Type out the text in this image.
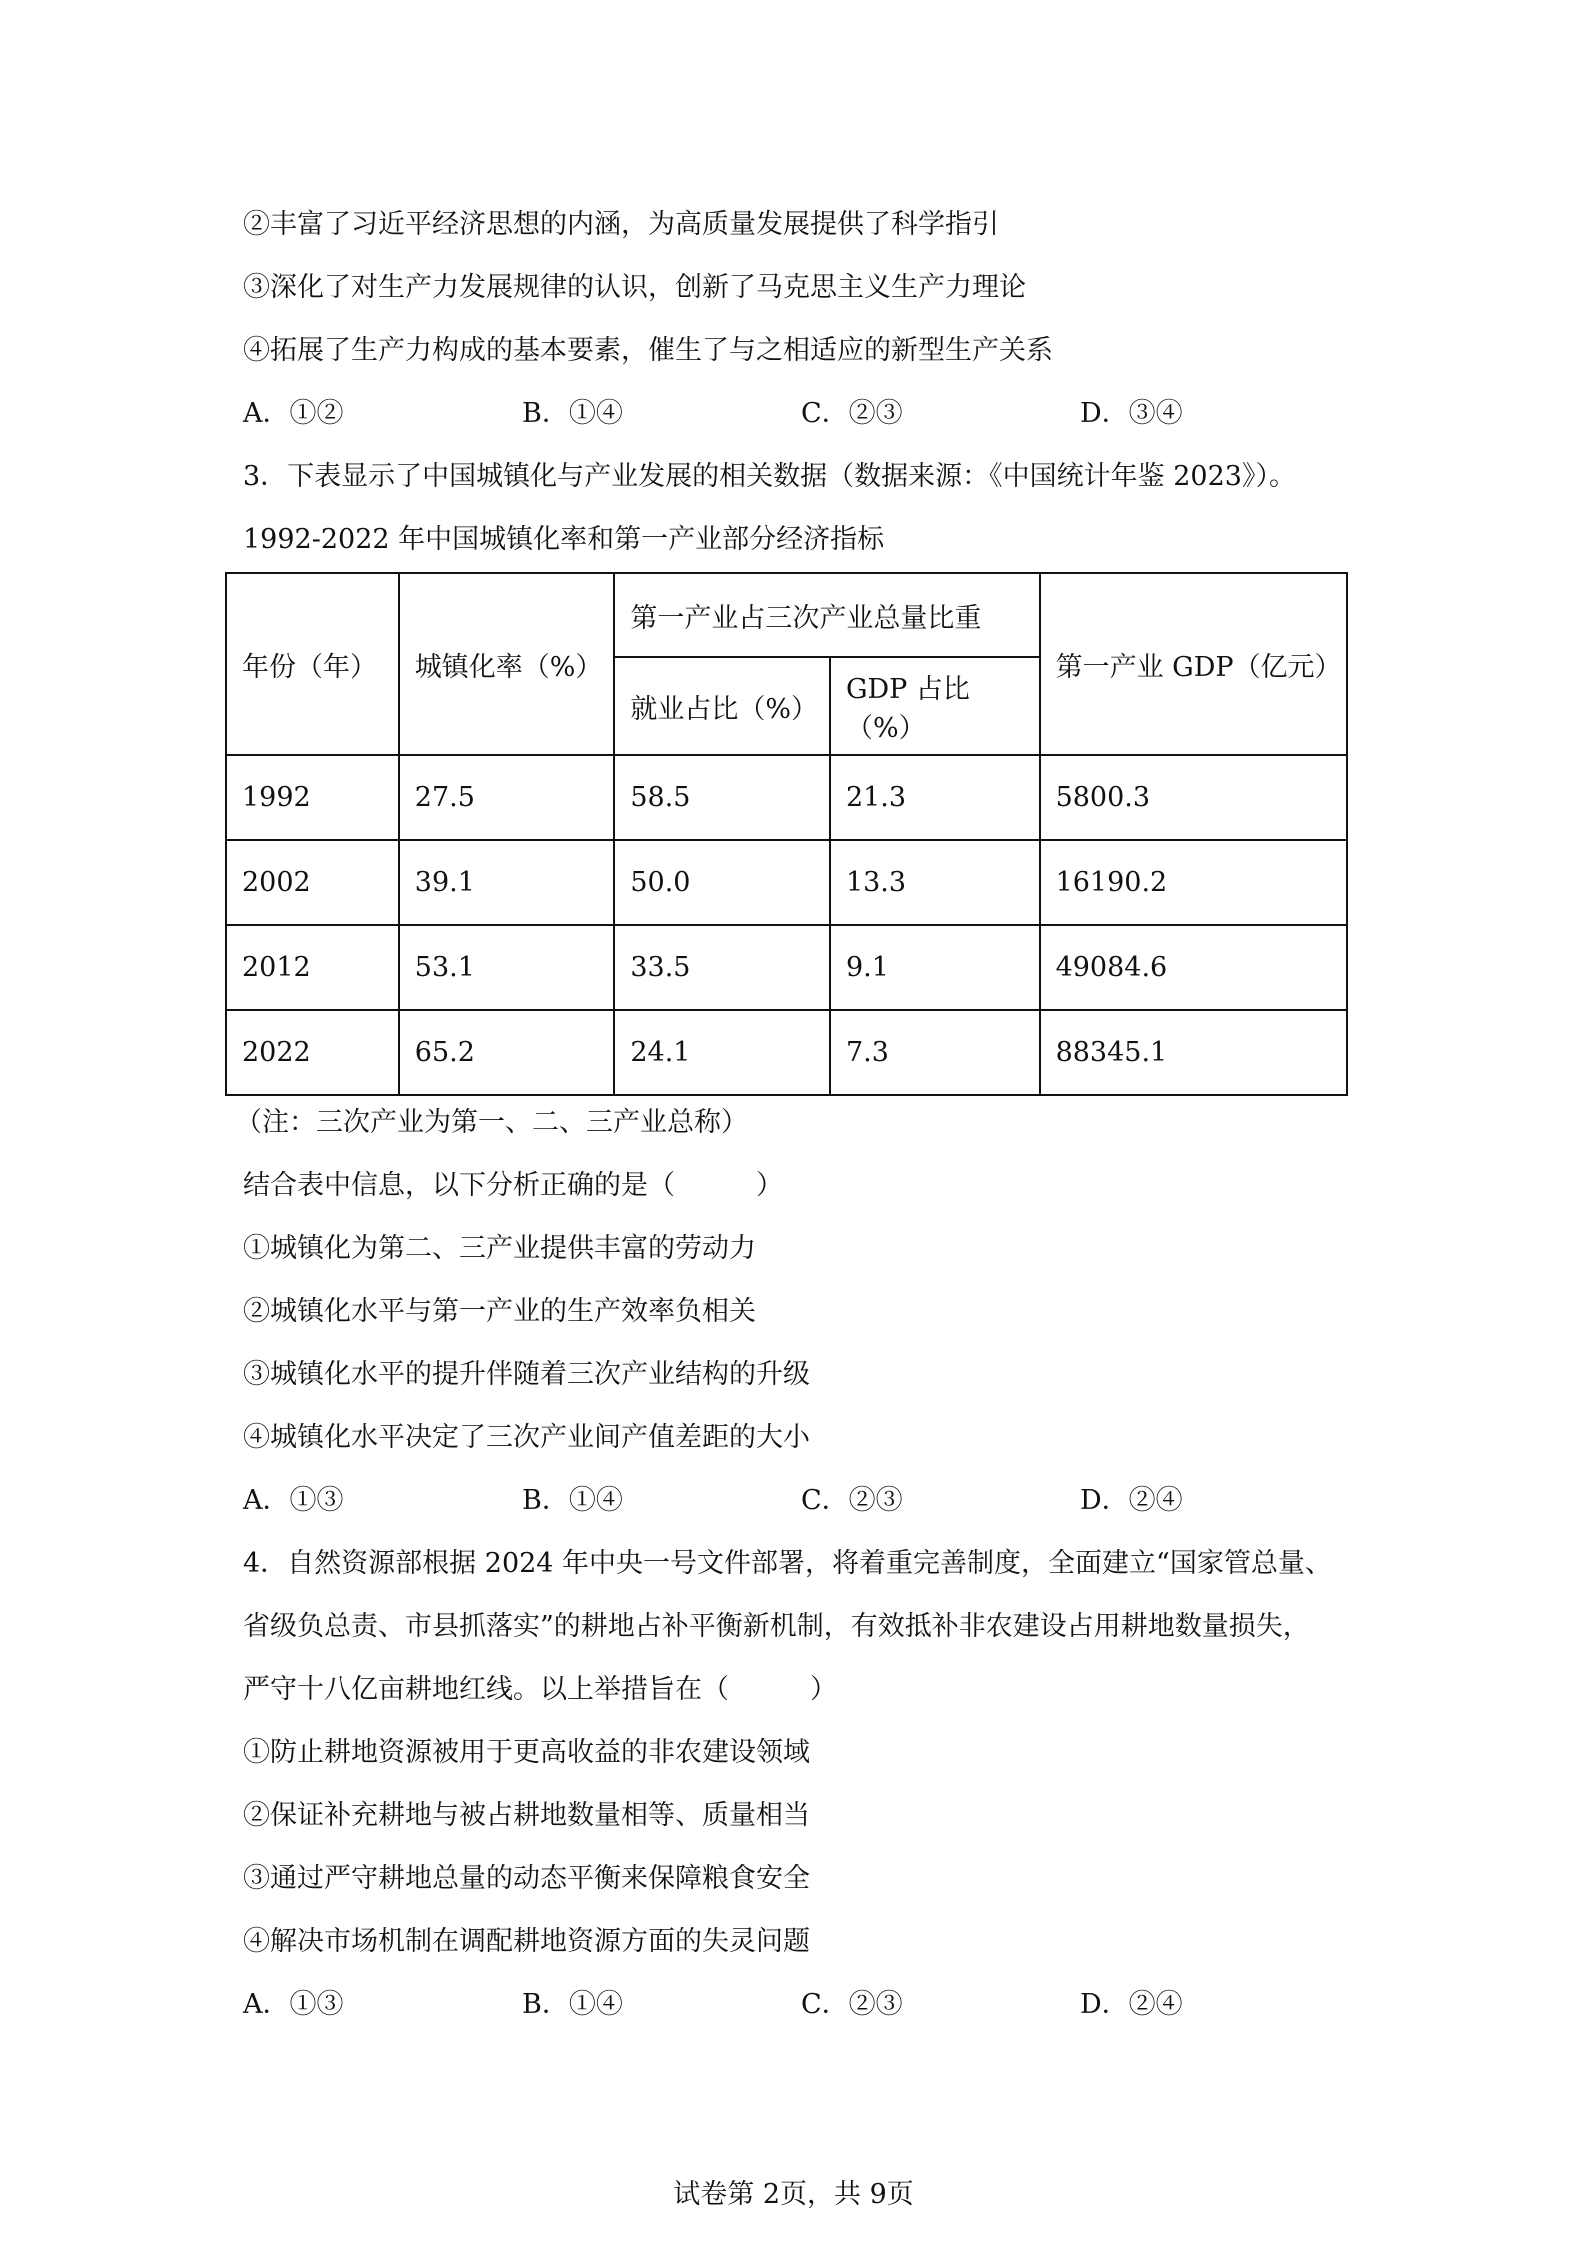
②丰富了习近平经济思想的内涵，为高质量发展提供了科学指引
③深化了对生产力发展规律的认识，创新了马克思主义生产力理论
④拓展了生产力构成的基本要素，催生了与之相适应的新型生产关系
A．①②	B．①④	C．②③	D．③④
3．下表显示了中国城镇化与产业发展的相关数据（数据来源：《中国统计年鉴 2023》）。
1992-2022 年中国城镇化率和第一产业部分经济指标
年份（年）	城镇化率（%）	第一产业占三次产业总量比重		第一产业 GDP（亿元）
		就业占比（%）	GDP 占比（%）	
1992	27.5	58.5	21.3	5800.3
2002	39.1	50.0	13.3	16190.2
2012	53.1	33.5	9.1	49084.6
2022	65.2	24.1	7.3	88345.1
（注：三次产业为第一、二、三产业总称）
结合表中信息，以下分析正确的是（　　　）
①城镇化为第二、三产业提供丰富的劳动力
②城镇化水平与第一产业的生产效率负相关
③城镇化水平的提升伴随着三次产业结构的升级
④城镇化水平决定了三次产业间产值差距的大小
A．①③	B．①④	C．②③	D．②④
4．自然资源部根据 2024 年中央一号文件部署，将着重完善制度，全面建立“国家管总量、
省级负总责、市县抓落实”的耕地占补平衡新机制，有效抵补非农建设占用耕地数量损失，
严守十八亿亩耕地红线。以上举措旨在（　　　）
①防止耕地资源被用于更高收益的非农建设领域
②保证补充耕地与被占耕地数量相等、质量相当
③通过严守耕地总量的动态平衡来保障粮食安全
④解决市场机制在调配耕地资源方面的失灵问题
A．①③	B．①④	C．②③	D．②④
试卷第 2页，共 9页
